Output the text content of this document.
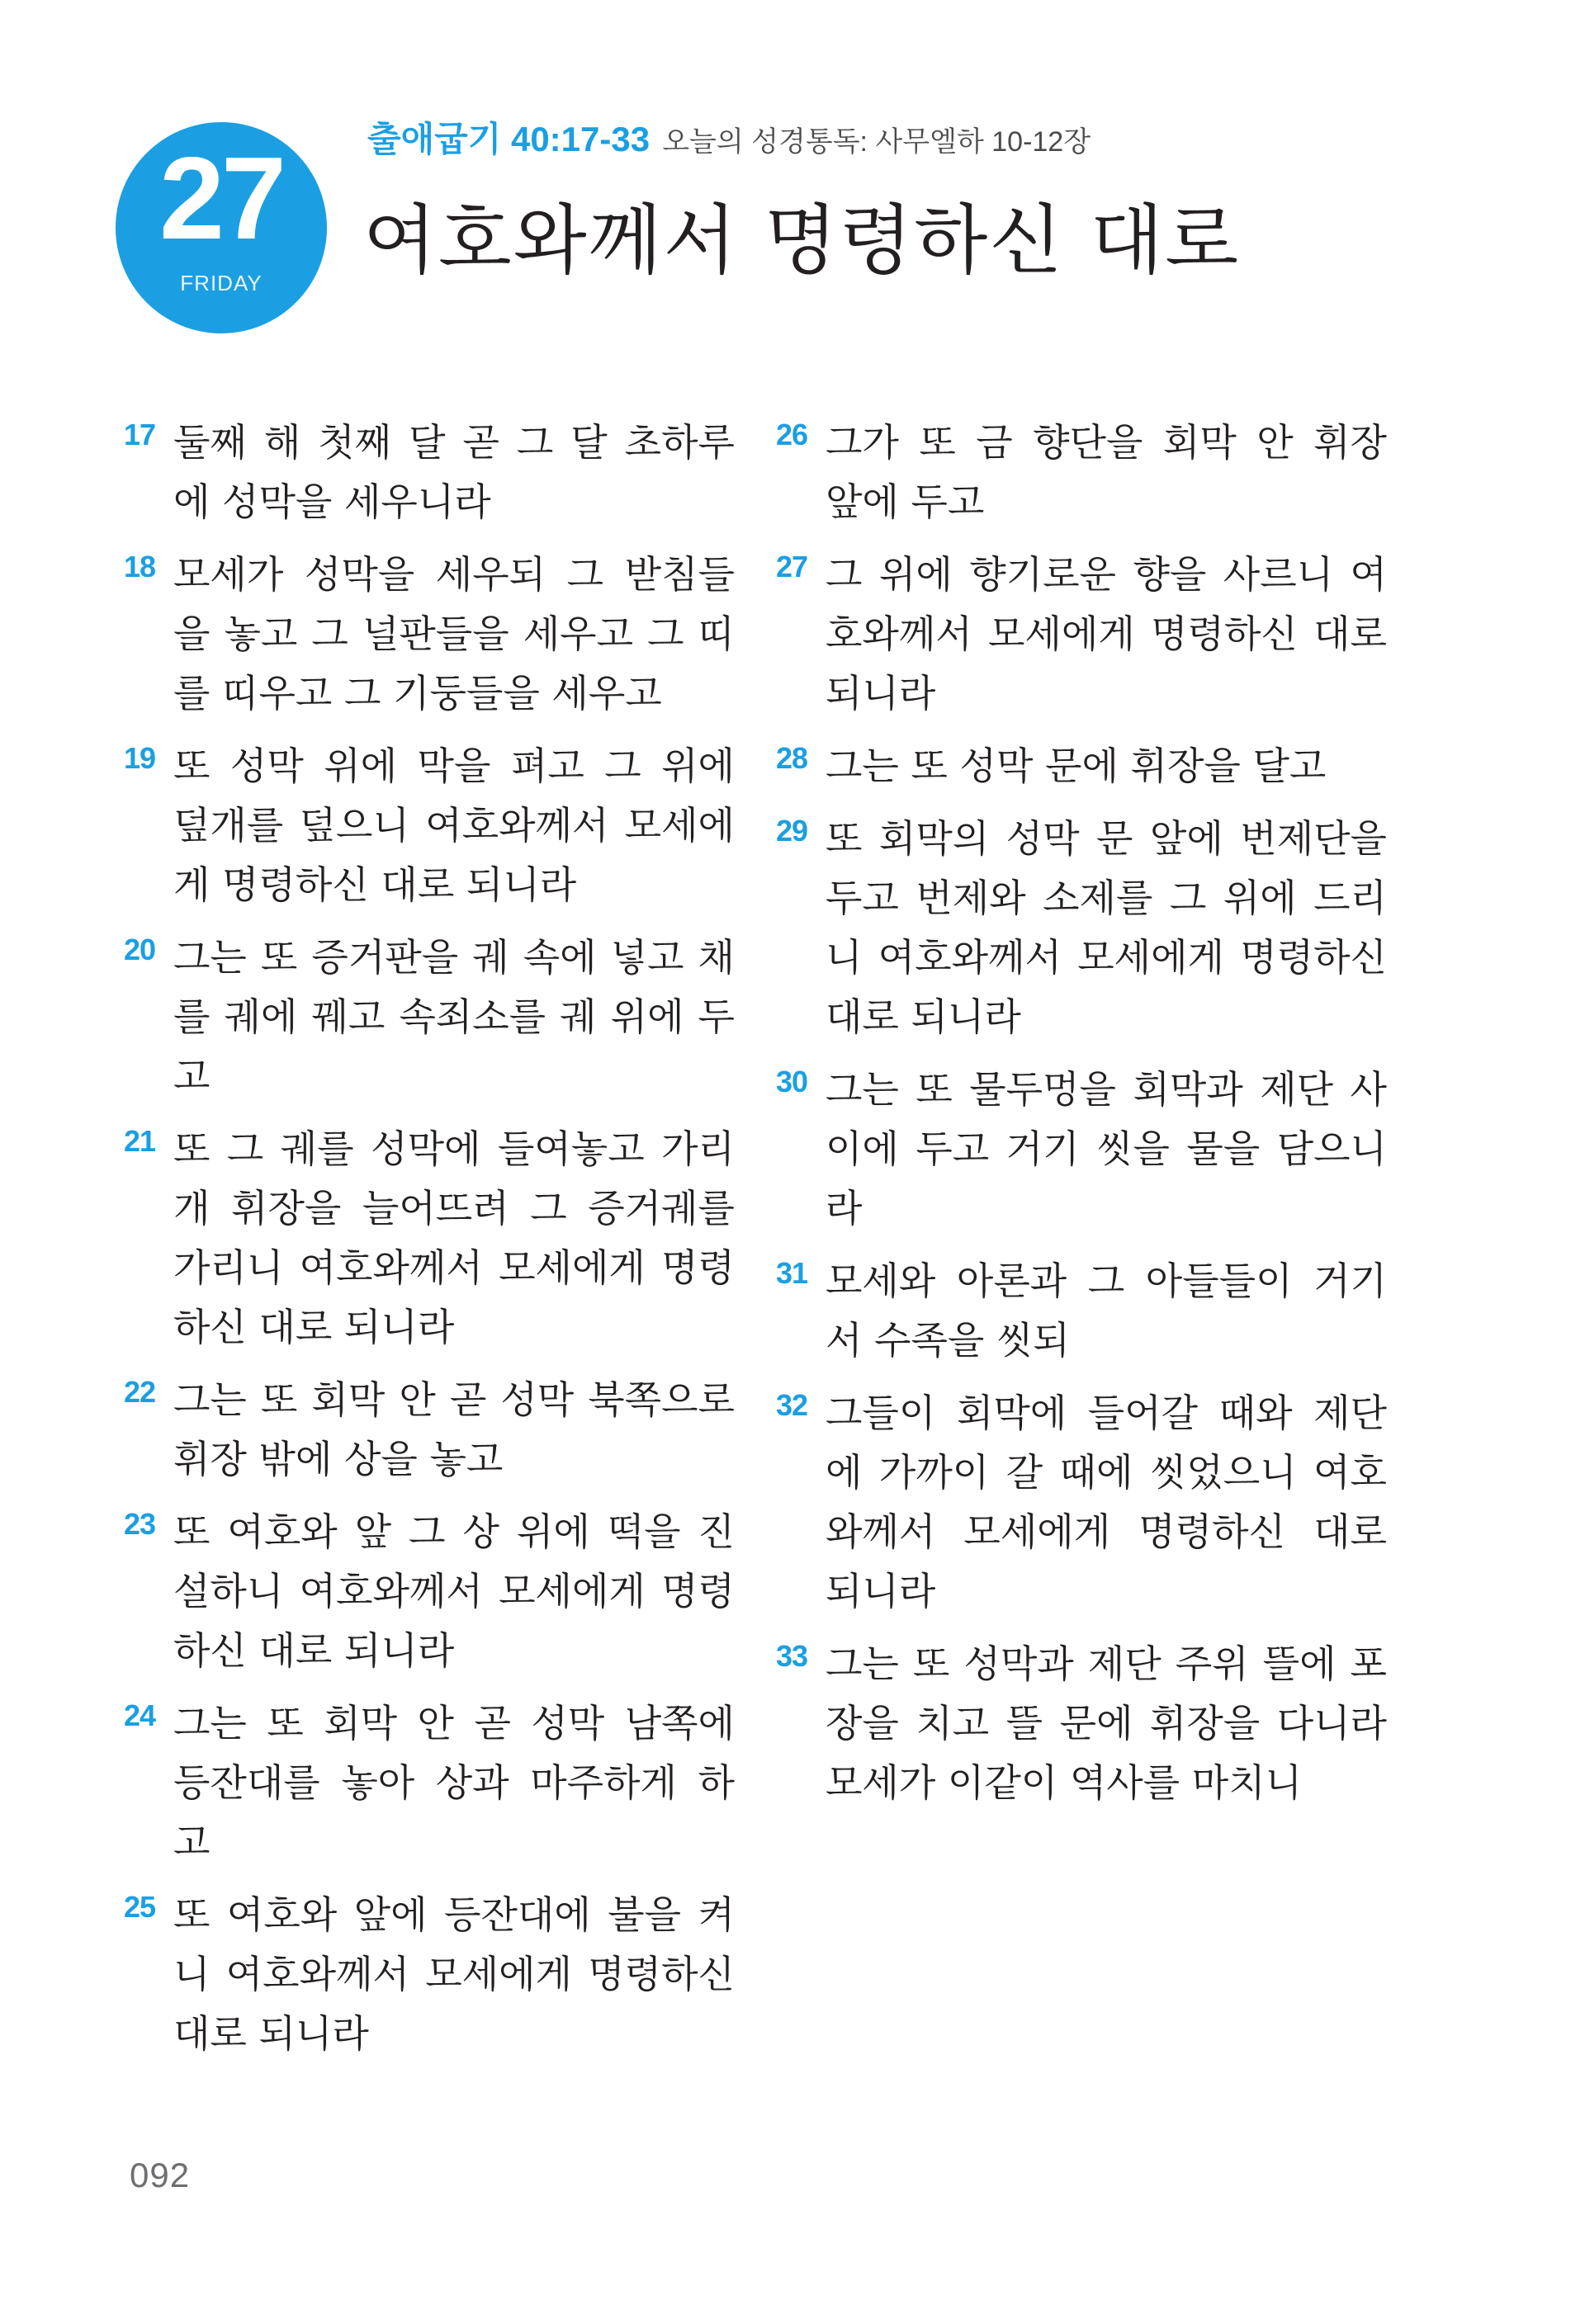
27
FRIDAY
출애굽기 40:17-33 오늘의 성경통독: 사무엘하 10-12장
여호와께서 명령하신 대로
17 둘째 해 첫째 달 곧 그 달 초하루에 성막을 세우니라
18 모세가 성막을 세우되 그 받침들을 놓고 그 널판들을 세우고 그 띠를 띠우고 그 기둥들을 세우고
19 또 성막 위에 막을 펴고 그 위에 덮개를 덮으니 여호와께서 모세에게 명령하신 대로 되니라
20 그는 또 증거판을 궤 속에 넣고 채를 궤에 꿰고 속죄소를 궤 위에 두고
21 또 그 궤를 성막에 들여놓고 가리개 휘장을 늘어뜨려 그 증거궤를 가리니 여호와께서 모세에게 명령하신 대로 되니라
22 그는 또 회막 안 곧 성막 북쪽으로 휘장 밖에 상을 놓고
23 또 여호와 앞 그 상 위에 떡을 진설하니 여호와께서 모세에게 명령하신 대로 되니라
24 그는 또 회막 안 곧 성막 남쪽에 등잔대를 놓아 상과 마주하게 하고
25 또 여호와 앞에 등잔대에 불을 켜니 여호와께서 모세에게 명령하신 대로 되니라
26 그가 또 금 향단을 회막 안 휘장 앞에 두고
27 그 위에 향기로운 향을 사르니 여호와께서 모세에게 명령하신 대로 되니라
28 그는 또 성막 문에 휘장을 달고
29 또 회막의 성막 문 앞에 번제단을 두고 번제와 소제를 그 위에 드리니 여호와께서 모세에게 명령하신 대로 되니라
30 그는 또 물두멍을 회막과 제단 사이에 두고 거기 씻을 물을 담으니라
31 모세와 아론과 그 아들들이 거기서 수족을 씻되
32 그들이 회막에 들어갈 때와 제단에 가까이 갈 때에 씻었으니 여호와께서 모세에게 명령하신 대로 되니라
33 그는 또 성막과 제단 주위 뜰에 포장을 치고 뜰 문에 휘장을 다니라 모세가 이같이 역사를 마치니
092
